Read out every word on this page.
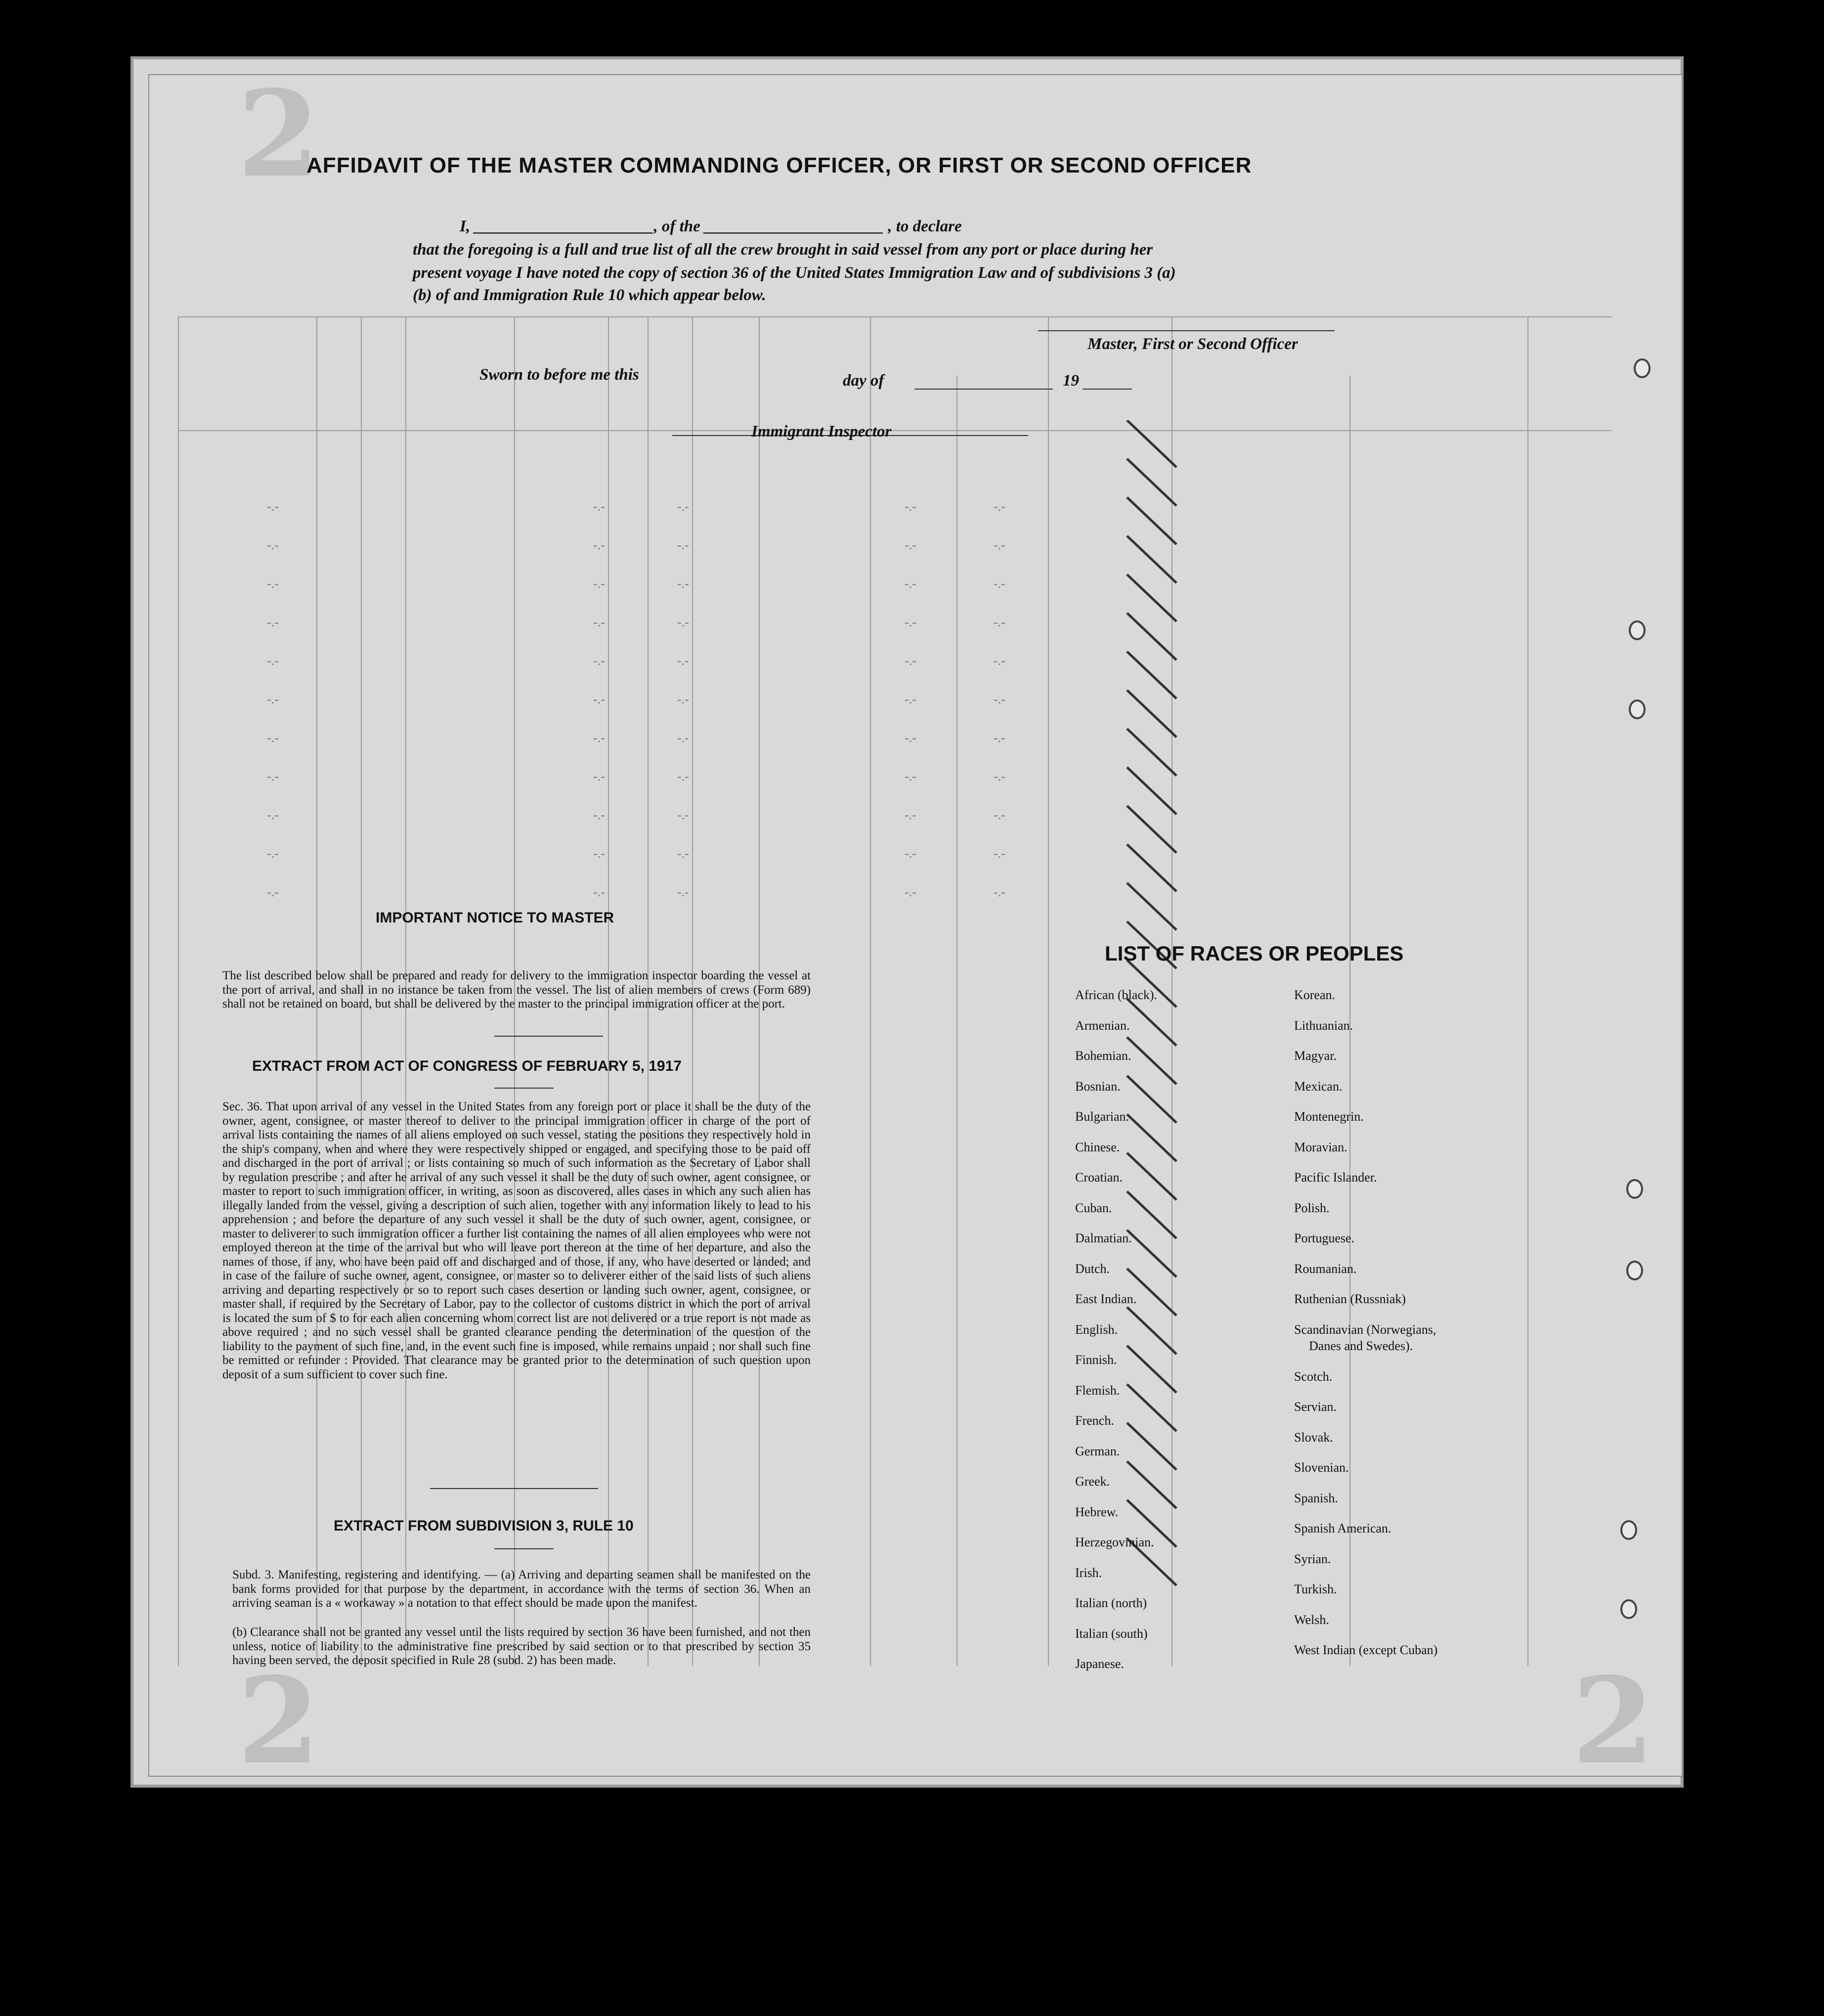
-.-	-.-	-.-	-.-	-.-
-.-	-.-	-.-	-.-	-.-
-.-	-.-	-.-	-.-	-.-
-.-	-.-	-.-	-.-	-.-
-.-	-.-	-.-	-.-	-.-
-.-	-.-	-.-	-.-	-.-
-.-	-.-	-.-	-.-	-.-
-.-	-.-	-.-	-.-	-.-
-.-	-.-	-.-	-.-	-.-
-.-	-.-	-.-	-.-	-.-
-.-	-.-	-.-	-.-	-.-
2
2	2
AFFIDAVIT OF THE MASTER COMMANDING OFFICER, OR FIRST OR SECOND OFFICER
I, ______________________, of the ______________________ , to declare
that the foregoing is a full and true list of all the crew brought in said vessel from any port or place during her
present voyage I have noted the copy of section 36 of the United States Immigration Law and of subdivisions 3 (a)
(b) of and Immigration Rule 10 which appear below.
Master, First or Second Officer
Sworn to before me this	day of	19
Immigrant Inspector
IMPORTANT NOTICE TO MASTER
The list described below shall be prepared and ready for delivery to the immigration inspector boarding the vessel at the port of arrival, and shall in no instance be taken from the vessel. The list of alien members of crews (Form 689) shall not be retained on board, but shall be delivered by the master to the principal immigration officer at the port.
EXTRACT FROM ACT OF CONGRESS OF FEBRUARY 5, 1917
Sec. 36. That upon arrival of any vessel in the United States from any foreign port or place it shall be the duty of the owner, agent, consignee, or master thereof to deliver to the principal immigration officer in charge of the port of arrival lists containing the names of all aliens employed on such vessel, stating the positions they respectively hold in the ship's company, when and where they were respectively shipped or engaged, and specifying those to be paid off and discharged in the port of arrival ; or lists containing so much of such information as the Secretary of Labor shall by regulation prescribe ; and after he arrival of any such vessel it shall be the duty of such owner, agent consignee, or master to report to such immigration officer, in writing, as soon as discovered, alles cases in which any such alien has illegally landed from the vessel, giving a description of such alien, together with any information likely to lead to his apprehension ; and before the departure of any such vessel it shall be the duty of such owner, agent, consignee, or master to deliverer to such immigration officer a further list containing the names of all alien employees who were not employed thereon at the time of the arrival but who will leave port thereon at the time of her departure, and also the names of those, if any, who have been paid off and discharged and of those, if any, who have deserted or landed; and in case of the failure of suche owner, agent, consignee, or master so to deliverer either of the said lists of such aliens arriving and departing respectively or so to report such cases desertion or landing such owner, agent, consignee, or master shall, if required by the Secretary of Labor, pay to the collector of customs district in which the port of arrival is located the sum of $ to for each alien concerning whom correct list are not delivered or a true report is not made as above required ; and no such vessel shall be granted clearance pending the determination of the question of the liability to the payment of such fine, and, in the event such fine is imposed, while remains unpaid ; nor shall such fine be remitted or refunder : Provided. That clearance may be granted prior to the determination of such question upon deposit of a sum sufficient to cover such fine.
EXTRACT FROM SUBDIVISION 3, RULE 10
Subd. 3. Manifesting, registering and identifying. — (a) Arriving and departing seamen shall be manifested on the bank forms provided for that purpose by the department, in accordance with the terms of section 36. When an arriving seaman is a « workaway » a notation to that effect should be made upon the manifest.
(b) Clearance shall not be granted any vessel until the lists required by section 36 have been furnished, and not then unless, notice of liability to the administrative fine prescribed by said section or to that prescribed by section 35 having been served, the deposit specified in Rule 28 (subd. 2) has been made.
LIST OF RACES OR PEOPLES
African (black).
Armenian.
Bohemian.
Bosnian.
Bulgarian.
Chinese.
Croatian.
Cuban.
Dalmatian.
Dutch.
East Indian.
English.
Finnish.
Flemish.
French.
German.
Greek.
Hebrew.
Herzegovinian.
Irish.
Italian (north)
Italian (south)
Japanese.
Korean.
Lithuanian.
Magyar.
Mexican.
Montenegrin.
Moravian.
Pacific Islander.
Polish.
Portuguese.
Roumanian.
Ruthenian (Russniak)
Scandinavian (Norwegians,
Danes and Swedes).
Scotch.
Servian.
Slovak.
Slovenian.
Spanish.
Spanish American.
Syrian.
Turkish.
Welsh.
West Indian (except Cuban)
